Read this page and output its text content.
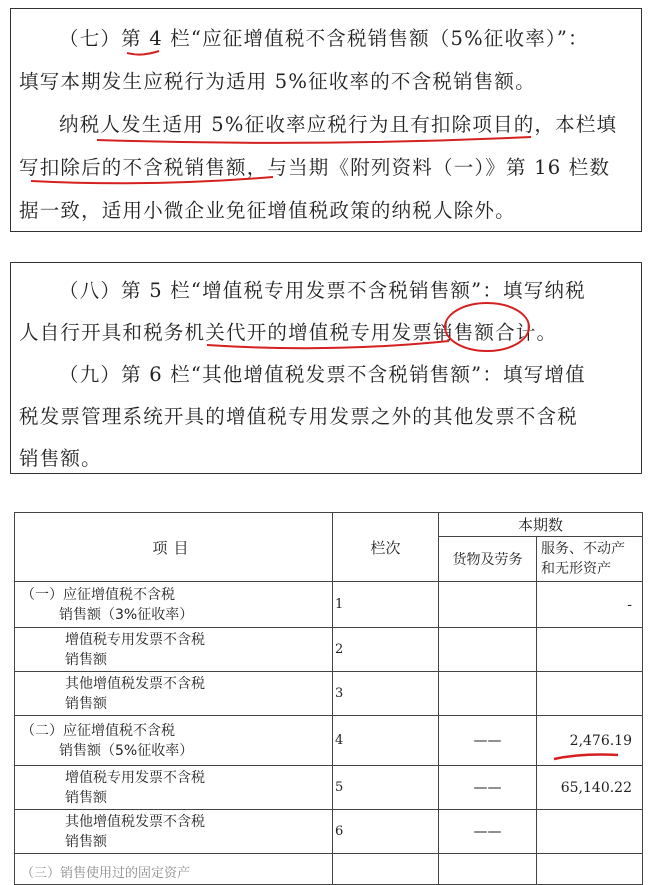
（七）第 4 栏“应征增值税不含税销售额（5%征收率）”：
填写本期发生应税行为适用 5%征收率的不含税销售额。
纳税人发生适用 5%征收率应税行为且有扣除项目的，本栏填
写扣除后的不含税销售额，与当期《附列资料（一）》第 16 栏数
据一致，适用小微企业免征增值税政策的纳税人除外。
（八）第 5 栏“增值税专用发票不含税销售额”：填写纳税
人自行开具和税务机关代开的增值税专用发票销售额合计。
（九）第 6 栏“其他增值税发票不含税销售额”：填写增值
税发票管理系统开具的增值税专用发票之外的其他发票不含税
销售额。

项目	栏次	本期数	
		货物及劳务	服务、不动产和无形资产

（一）应征增值税不含税
销售额（3%征收率）	1		-
增值税专用发票不含税
销售额	2		
其他增值税发票不含税
销售额	3		
（二）应征增值税不含税
销售额（5%征收率）	4	——	2,476.19

增值税专用发票不含税
销售额	5	——	65,140.22
其他增值税发票不含税
销售额	6	——	
（三）销售使用过的固定资产			
